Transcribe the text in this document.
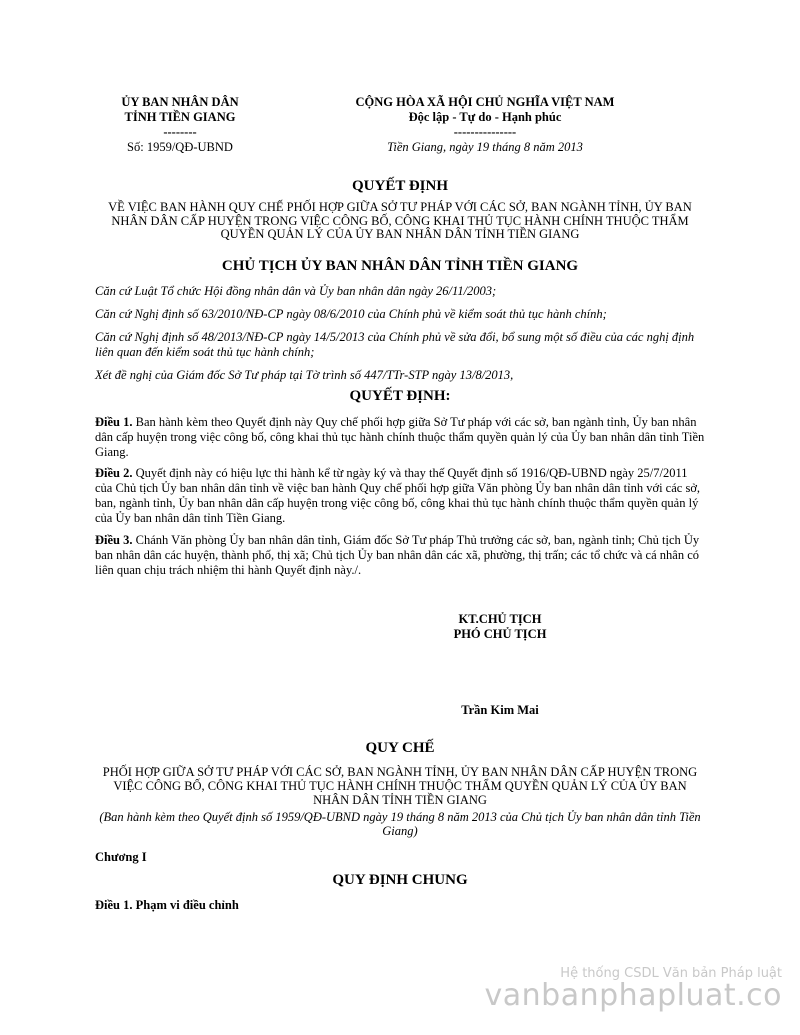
ỦY BAN NHÂN DÂN
TỈNH TIỀN GIANG
--------
Số: 1959/QĐ-UBND
CỘNG HÒA XÃ HỘI CHỦ NGHĨA VIỆT NAM
Độc lập - Tự do - Hạnh phúc
---------------
Tiền Giang, ngày 19 tháng 8 năm 2013
QUYẾT ĐỊNH
VỀ VIỆC BAN HÀNH QUY CHẾ PHỐI HỢP GIỮA SỞ TƯ PHÁP VỚI CÁC SỞ, BAN NGÀNH TỈNH, ỦY BAN NHÂN DÂN CẤP HUYỆN TRONG VIỆC CÔNG BỐ, CÔNG KHAI THỦ TỤC HÀNH CHÍNH THUỘC THẨM QUYỀN QUẢN LÝ CỦA ỦY BAN NHÂN DÂN TỈNH TIỀN GIANG
CHỦ TỊCH ỦY BAN NHÂN DÂN TỈNH TIỀN GIANG
Căn cứ Luật Tổ chức Hội đồng nhân dân và Ủy ban nhân dân ngày 26/11/2003;
Căn cứ Nghị định số 63/2010/NĐ-CP ngày 08/6/2010 của Chính phủ về kiểm soát thủ tục hành chính;
Căn cứ Nghị định số 48/2013/NĐ-CP ngày 14/5/2013 của Chính phủ về sửa đổi, bổ sung một số điều của các nghị định liên quan đến kiểm soát thủ tục hành chính;
Xét đề nghị của Giám đốc Sở Tư pháp tại Tờ trình số 447/TTr-STP ngày 13/8/2013,
QUYẾT ĐỊNH:
Điều 1. Ban hành kèm theo Quyết định này Quy chế phối hợp giữa Sở Tư pháp với các sở, ban ngành tỉnh, Ủy ban nhân dân cấp huyện trong việc công bố, công khai thủ tục hành chính thuộc thẩm quyền quản lý của Ủy ban nhân dân tỉnh Tiền Giang.
Điều 2. Quyết định này có hiệu lực thi hành kể từ ngày ký và thay thế Quyết định số 1916/QĐ-UBND ngày 25/7/2011 của Chủ tịch Ủy ban nhân dân tỉnh về việc ban hành Quy chế phối hợp giữa Văn phòng Ủy ban nhân dân tỉnh với các sở, ban, ngành tỉnh, Ủy ban nhân dân cấp huyện trong việc công bố, công khai thủ tục hành chính thuộc thẩm quyền quản lý của Ủy ban nhân dân tỉnh Tiền Giang.
Điều 3. Chánh Văn phòng Ủy ban nhân dân tỉnh, Giám đốc Sở Tư pháp Thủ trưởng các sở, ban, ngành tỉnh; Chủ tịch Ủy ban nhân dân các huyện, thành phố, thị xã; Chủ tịch Ủy ban nhân dân các xã, phường, thị trấn; các tổ chức và cá nhân có liên quan chịu trách nhiệm thi hành Quyết định này./.
KT.CHỦ TỊCH
PHÓ CHỦ TỊCH
Trần Kim Mai
QUY CHẾ
PHỐI HỢP GIỮA SỞ TƯ PHÁP VỚI CÁC SỞ, BAN NGÀNH TỈNH, ỦY BAN NHÂN DÂN CẤP HUYỆN TRONG VIỆC CÔNG BỐ, CÔNG KHAI THỦ TỤC HÀNH CHÍNH THUỘC THẨM QUYỀN QUẢN LÝ CỦA ỦY BAN NHÂN DÂN TỈNH TIỀN GIANG
(Ban hành kèm theo Quyết định số 1959/QĐ-UBND ngày 19 tháng 8 năm 2013 của Chủ tịch Ủy ban nhân dân tỉnh Tiền Giang)
Chương I
QUY ĐỊNH CHUNG
Điều 1. Phạm vi điều chỉnh
Hệ thống CSDL Văn bản Pháp luật
vanbanphapluat.co
